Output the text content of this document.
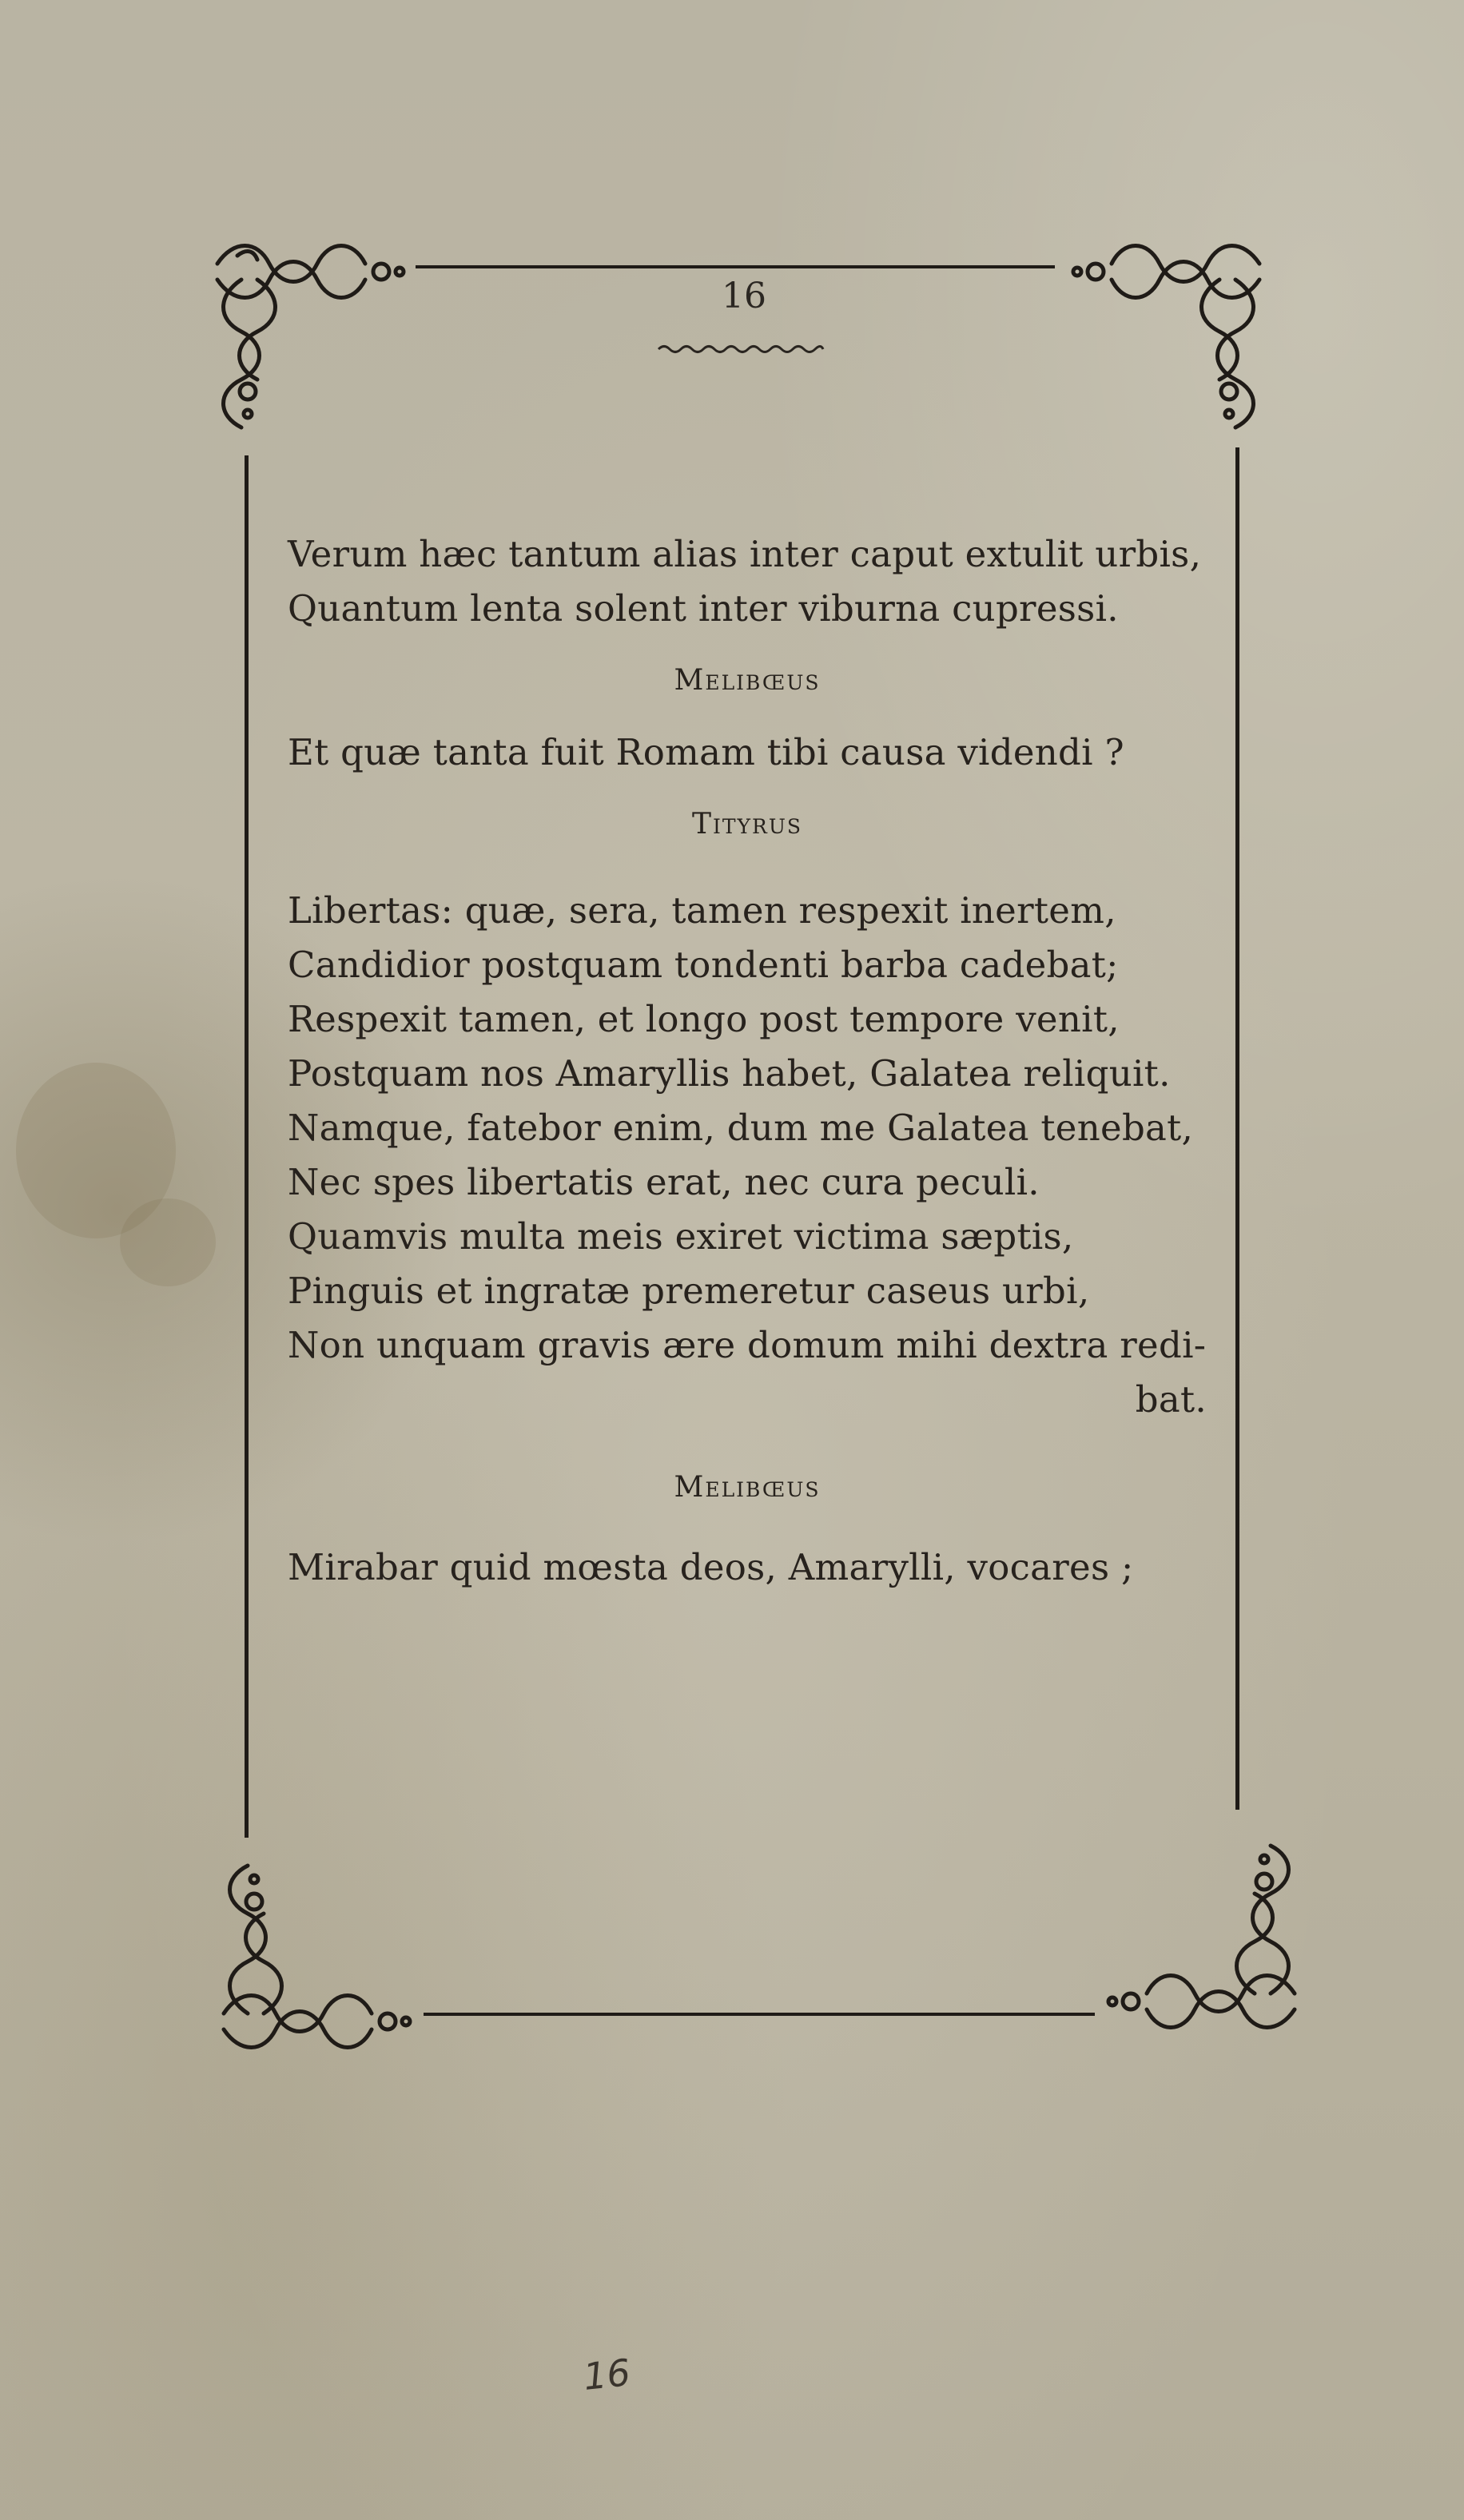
16

Verum hæc tantum alias inter caput extulit urbis,

Quantum lenta solent inter viburna cupressi.

Melibœus

Et quæ tanta fuit Romam tibi causa videndi ?

Tityrus

Libertas: quæ, sera, tamen respexit inertem,

Candidior postquam tondenti barba cadebat;

Respexit tamen, et longo post tempore venit,

Postquam nos Amaryllis habet, Galatea reliquit.

Namque, fatebor enim, dum me Galatea tenebat,

Nec spes libertatis erat, nec cura peculi.

Quamvis multa meis exiret victima sæptis,

Pinguis et ingratæ premeretur caseus urbi,

Non unquam gravis ære domum mihi dextra redi-

bat.

Melibœus

Mirabar quid mœsta deos, Amarylli, vocares ;

16
